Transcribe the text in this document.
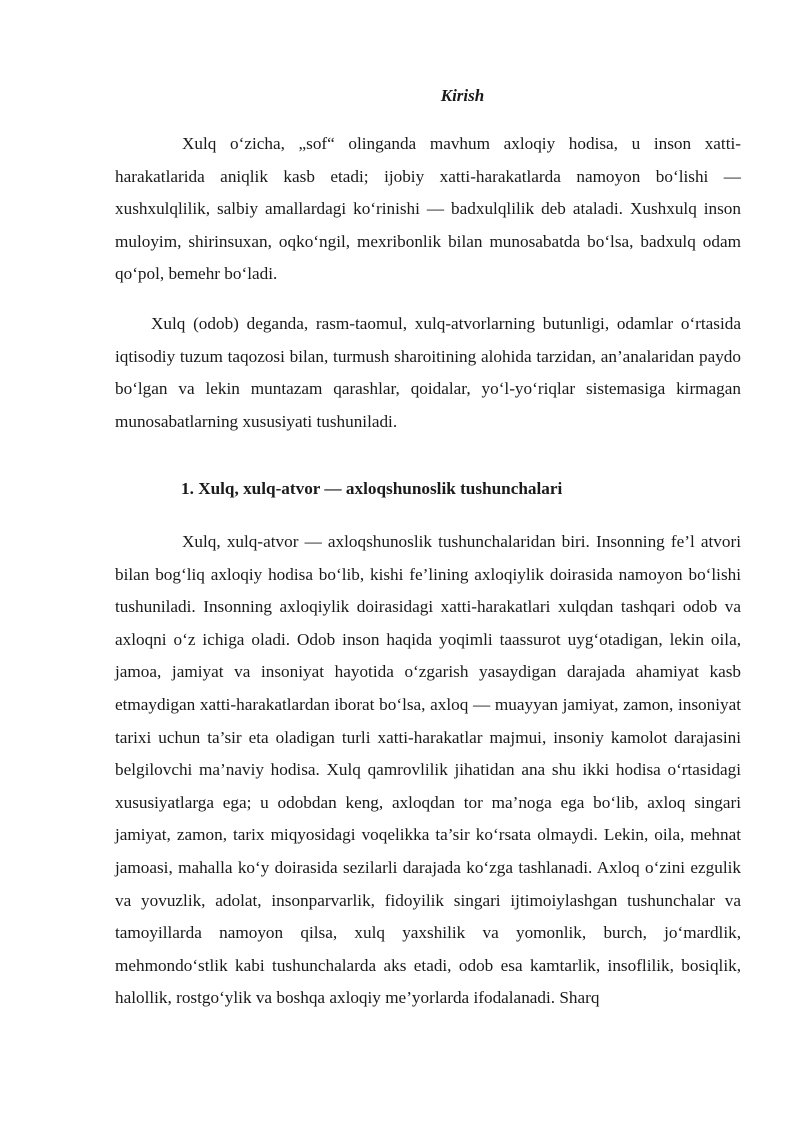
Kirish

Xulq o‘zicha, „sof“ olinganda mavhum axloqiy hodisa, u inson xatti-harakatlarida aniqlik kasb etadi; ijobiy xatti-harakatlarda namoyon bo‘lishi — xushxulqlilik, salbiy amallardagi ko‘rinishi — badxulqlilik deb ataladi. Xushxulq inson muloyim, shirinsuxan, oqko‘ngil, mexribonlik bilan munosabatda bo‘lsa, badxulq odam qo‘pol, bemehr bo‘ladi.

Xulq (odob) deganda, rasm-taomul, xulq-atvorlarning butunligi, odamlar o‘rtasida iqtisodiy tuzum taqozosi bilan, turmush sharoitining alohida tarzidan, an’analaridan paydo bo‘lgan va lekin muntazam qarashlar, qoidalar, yo‘l-yo‘riqlar sistemasiga kirmagan munosabatlarning xususiyati tushuniladi.

1. Xulq, xulq-atvor — axloqshunoslik tushunchalari

Xulq, xulq-atvor — axloqshunoslik tushunchalaridan biri. Insonning fe’l atvori bilan bog‘liq axloqiy hodisa bo‘lib, kishi fe’lining axloqiylik doirasida namoyon bo‘lishi tushuniladi. Insonning axloqiylik doirasidagi xatti-harakatlari xulqdan tashqari odob va axloqni o‘z ichiga oladi. Odob inson haqida yoqimli taassurot uyg‘otadigan, lekin oila, jamoa, jamiyat va insoniyat hayotida o‘zgarish yasaydigan darajada ahamiyat kasb etmaydigan xatti-harakatlardan iborat bo‘lsa, axloq — muayyan jamiyat, zamon, insoniyat tarixi uchun ta’sir eta oladigan turli xatti-harakatlar majmui, insoniy kamolot darajasini belgilovchi ma’naviy hodisa. Xulq qamrovlilik jihatidan ana shu ikki hodisa o‘rtasidagi xususiyatlarga ega; u odobdan keng, axloqdan tor ma’noga ega bo‘lib, axloq singari jamiyat, zamon, tarix miqyosidagi voqelikka ta’sir ko‘rsata olmaydi. Lekin, oila, mehnat jamoasi, mahalla ko‘y doirasida sezilarli darajada ko‘zga tashlanadi. Axloq o‘zini ezgulik va yovuzlik, adolat, insonparvarlik, fidoyilik singari ijtimoiylashgan tushunchalar va tamoyillarda namoyon qilsa, xulq yaxshilik va yomonlik, burch, jo‘mardlik, mehmondo‘stlik kabi tushunchalarda aks etadi, odob esa kamtarlik, insoflilik, bosiqlik, halollik, rostgo‘ylik va boshqa axloqiy me’yorlarda ifodalanadi. Sharq
